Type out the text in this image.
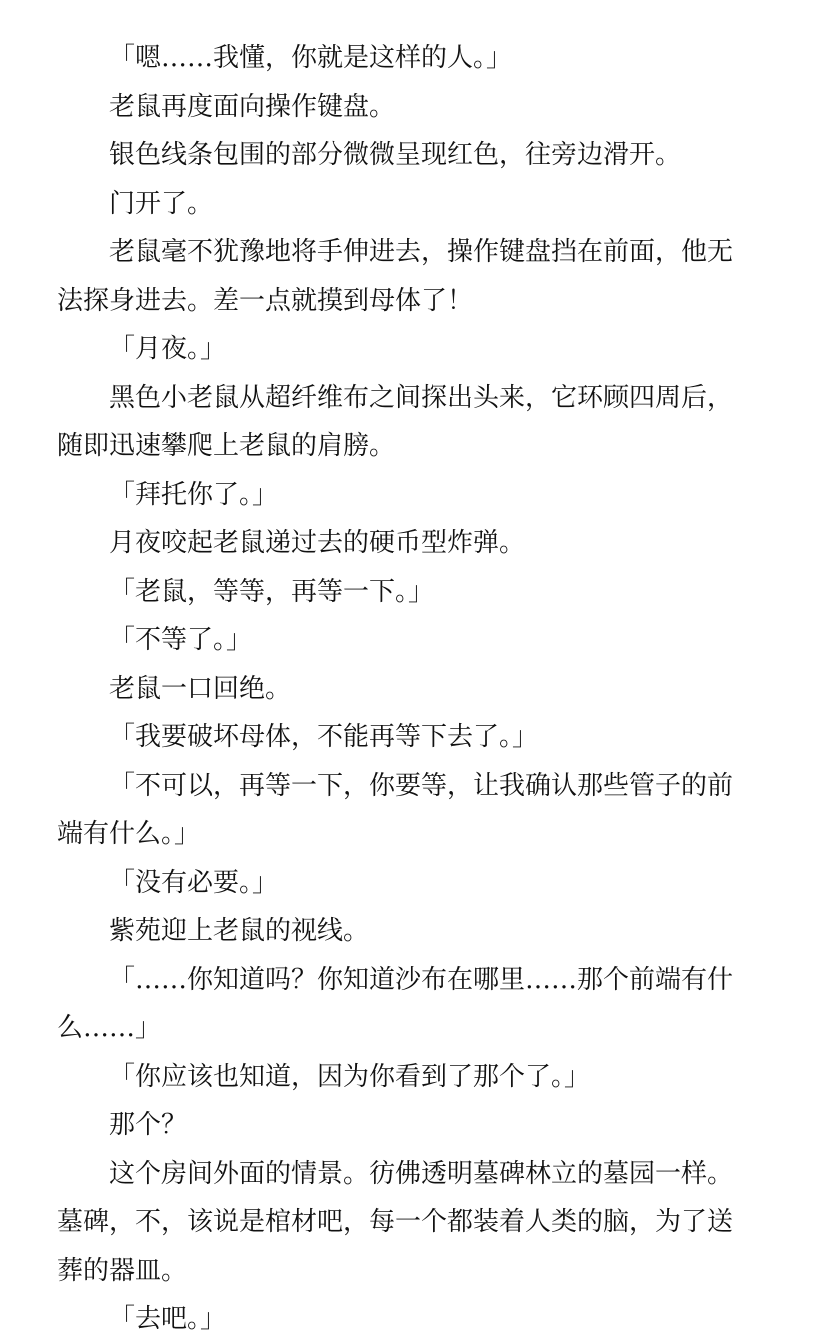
「嗯……我懂，你就是这样的人。」

老鼠再度面向操作键盘。

银色线条包围的部分微微呈现红色，往旁边滑开。

门开了。

老鼠毫不犹豫地将手伸进去，操作键盘挡在前面，他无法探身进去。差一点就摸到母体了！

「月夜。」

黑色小老鼠从超纤维布之间探出头来，它环顾四周后，随即迅速攀爬上老鼠的肩膀。

「拜托你了。」

月夜咬起老鼠递过去的硬币型炸弹。

「老鼠，等等，再等一下。」

「不等了。」

老鼠一口回绝。

「我要破坏母体，不能再等下去了。」

「不可以，再等一下，你要等，让我确认那些管子的前端有什么。」

「没有必要。」

紫苑迎上老鼠的视线。

「……你知道吗？你知道沙布在哪里……那个前端有什么……」

「你应该也知道，因为你看到了那个了。」

那个？

这个房间外面的情景。彷佛透明墓碑林立的墓园一样。墓碑，不，该说是棺材吧，每一个都装着人类的脑，为了送葬的器皿。

「去吧。」
